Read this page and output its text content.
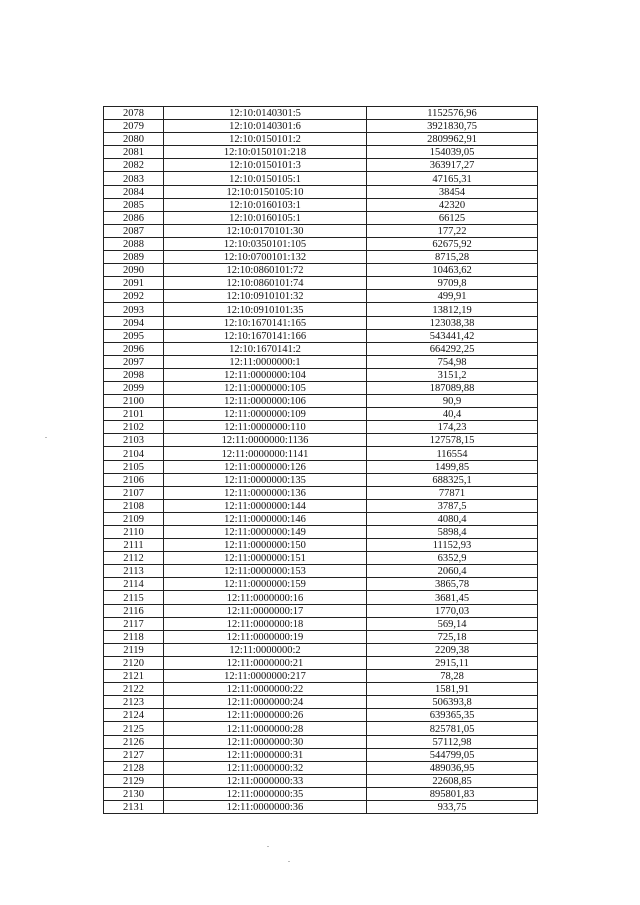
2078	12:10:0140301:5	1152576,96
2079	12:10:0140301:6	3921830,75
2080	12:10:0150101:2	2809962,91
2081	12:10:0150101:218	154039,05
2082	12:10:0150101:3	363917,27
2083	12:10:0150105:1	47165,31
2084	12:10:0150105:10	38454
2085	12:10:0160103:1	42320
2086	12:10:0160105:1	66125
2087	12:10:0170101:30	177,22
2088	12:10:0350101:105	62675,92
2089	12:10:0700101:132	8715,28
2090	12:10:0860101:72	10463,62
2091	12:10:0860101:74	9709,8
2092	12:10:0910101:32	499,91
2093	12:10:0910101:35	13812,19
2094	12:10:1670141:165	123038,38
2095	12:10:1670141:166	543441,42
2096	12:10:1670141:2	664292,25
2097	12:11:0000000:1	754,98
2098	12:11:0000000:104	3151,2
2099	12:11:0000000:105	187089,88
2100	12:11:0000000:106	90,9
2101	12:11:0000000:109	40,4
2102	12:11:0000000:110	174,23
2103	12:11:0000000:1136	127578,15
2104	12:11:0000000:1141	116554
2105	12:11:0000000:126	1499,85
2106	12:11:0000000:135	688325,1
2107	12:11:0000000:136	77871
2108	12:11:0000000:144	3787,5
2109	12:11:0000000:146	4080,4
2110	12:11:0000000:149	5898,4
2111	12:11:0000000:150	11152,93
2112	12:11:0000000:151	6352,9
2113	12:11:0000000:153	2060,4
2114	12:11:0000000:159	3865,78
2115	12:11:0000000:16	3681,45
2116	12:11:0000000:17	1770,03
2117	12:11:0000000:18	569,14
2118	12:11:0000000:19	725,18
2119	12:11:0000000:2	2209,38
2120	12:11:0000000:21	2915,11
2121	12:11:0000000:217	78,28
2122	12:11:0000000:22	1581,91
2123	12:11:0000000:24	506393,8
2124	12:11:0000000:26	639365,35
2125	12:11:0000000:28	825781,05
2126	12:11:0000000:30	57112,98
2127	12:11:0000000:31	544799,05
2128	12:11:0000000:32	489036,95
2129	12:11:0000000:33	22608,85
2130	12:11:0000000:35	895801,83
2131	12:11:0000000:36	933,75
